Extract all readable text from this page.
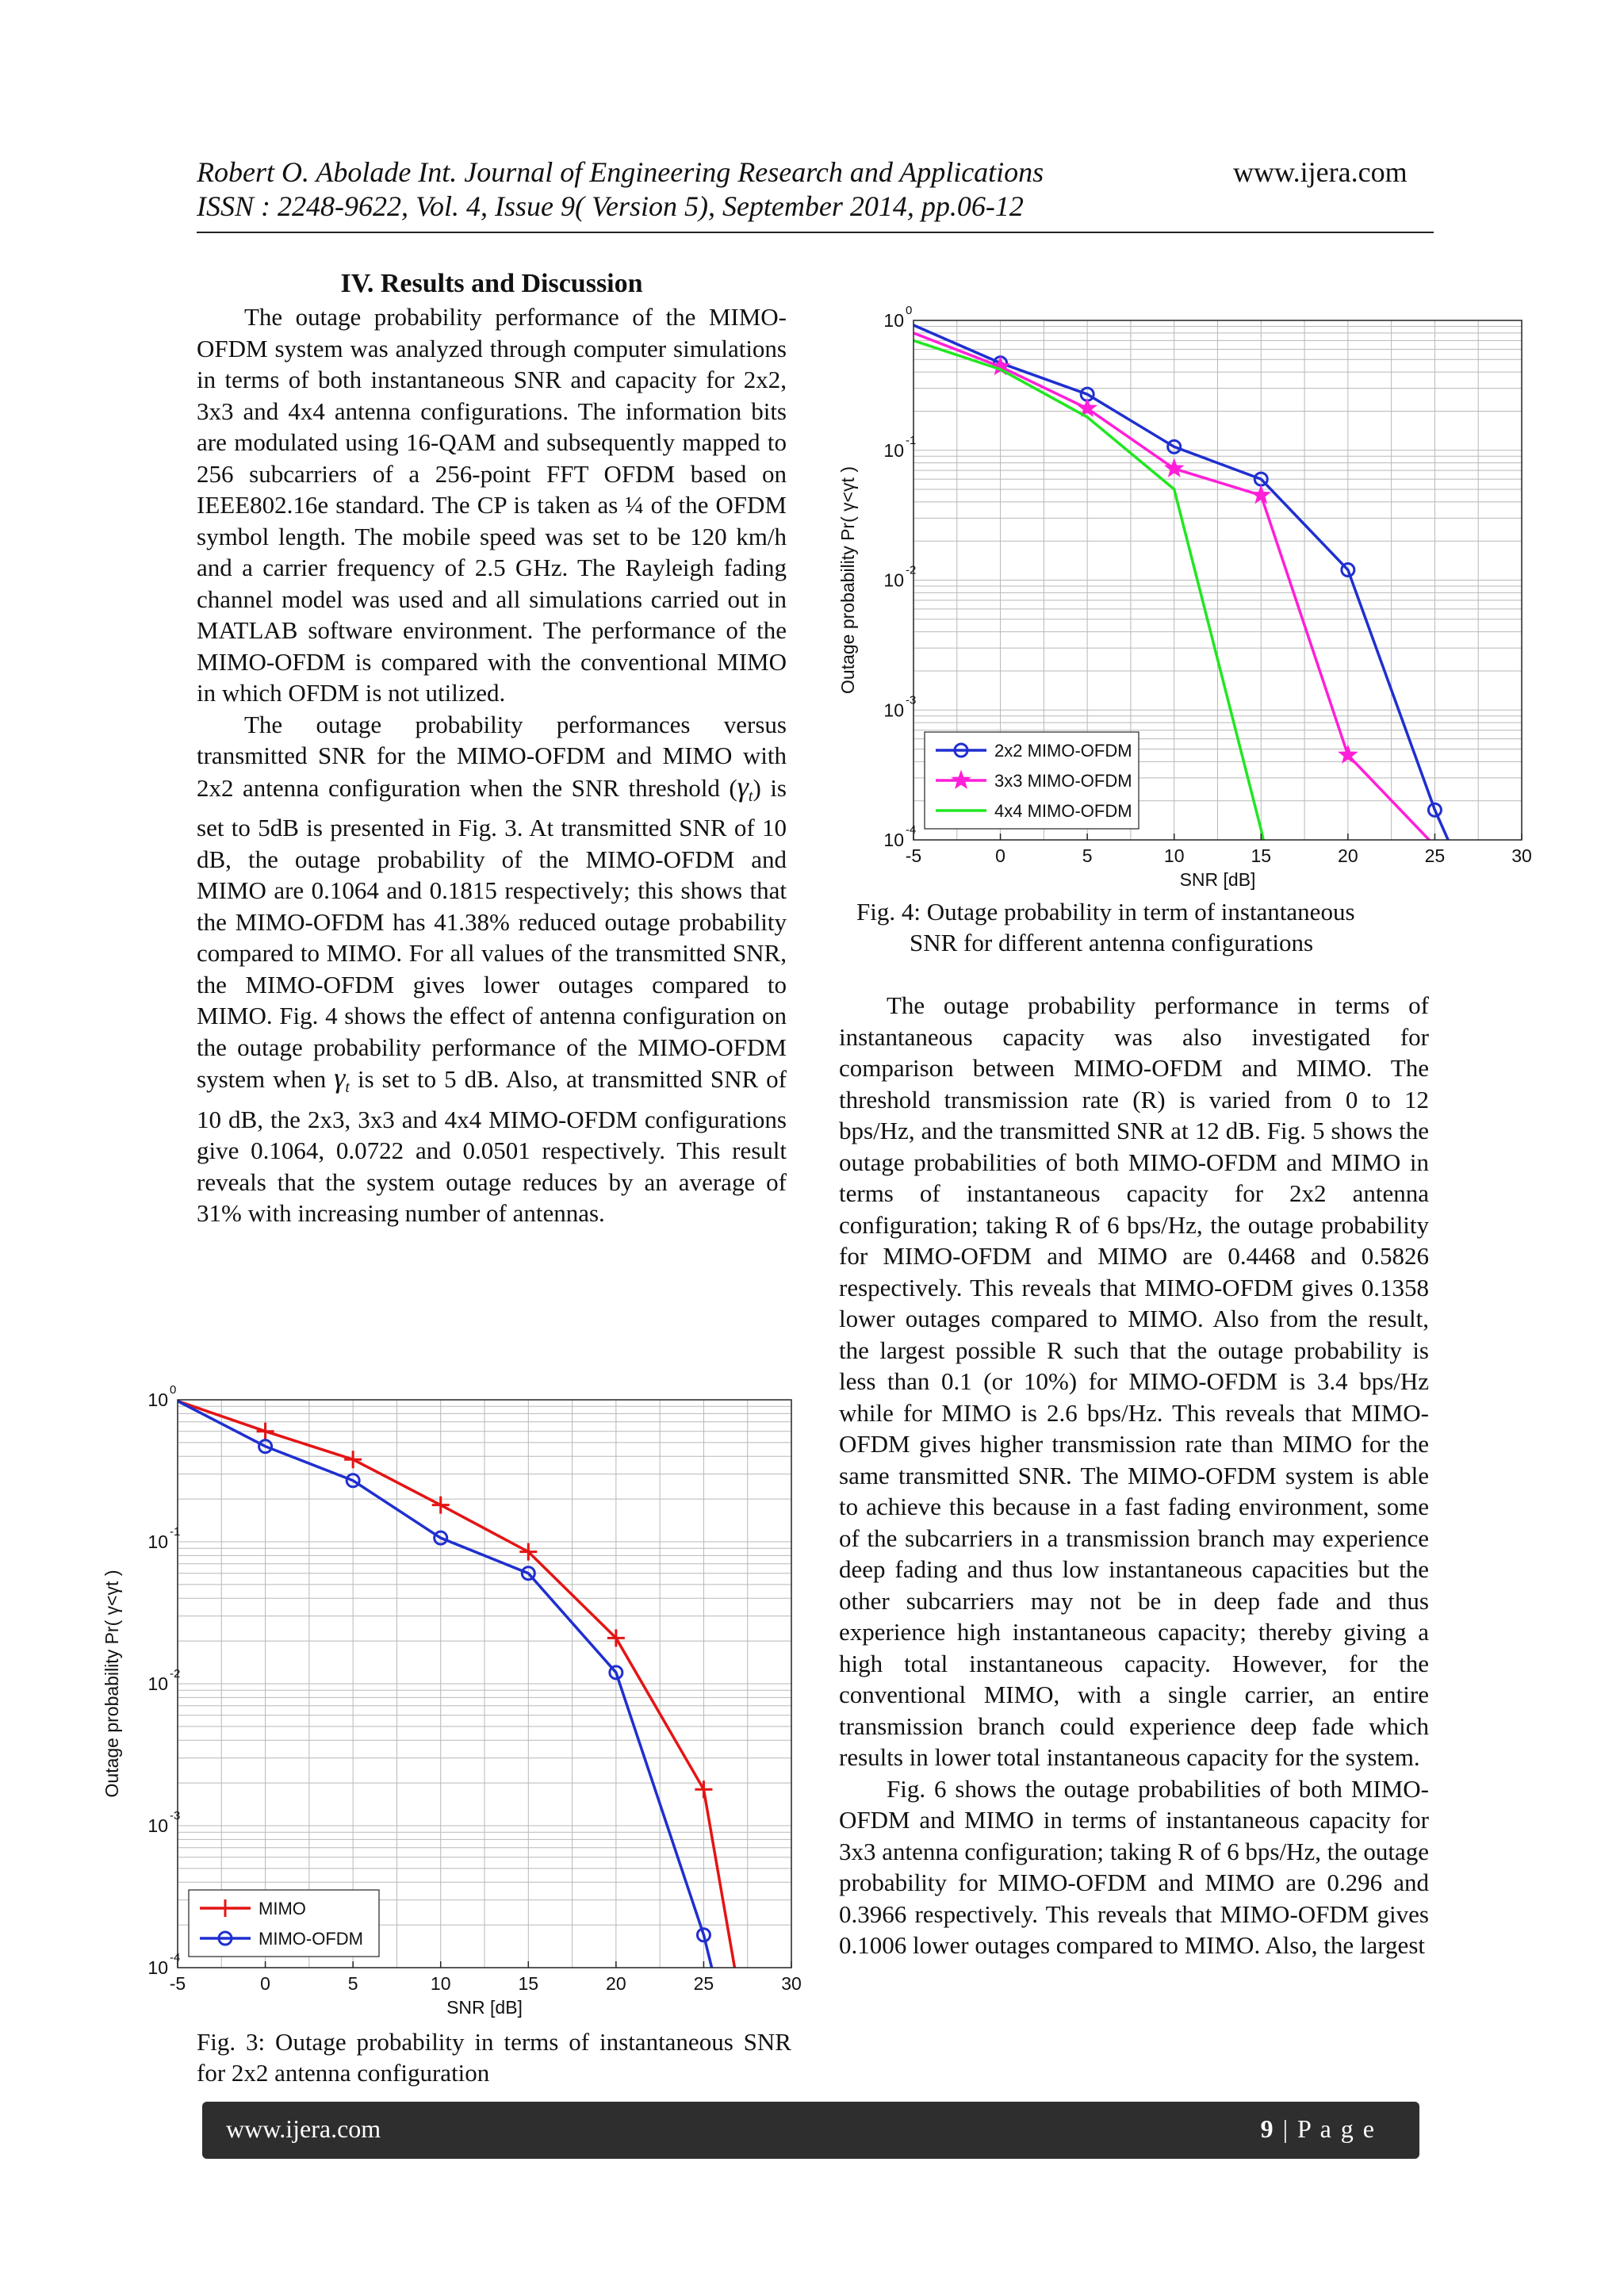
Robert O. Abolade Int. Journal of Engineering Research and Applications	www.ijera.com
ISSN : 2248-9622, Vol. 4, Issue 9( Version 5), September 2014, pp.06-12
IV. Results and Discussion

The outage probability performance of the MIMO-OFDM system was analyzed through computer simulations in terms of both instantaneous SNR and capacity for 2x2, 3x3 and 4x4 antenna configurations. The information bits are modulated using 16-QAM and subsequently mapped to 256 subcarriers of a 256-point FFT OFDM based on IEEE802.16e standard. The CP is taken as ¼ of the OFDM symbol length. The mobile speed was set to be 120 km/h and a carrier frequency of 2.5 GHz. The Rayleigh fading channel model was used and all simulations carried out in MATLAB software environment. The performance of the MIMO-OFDM is compared with the conventional MIMO in which OFDM is not utilized.

The outage probability performances versus transmitted SNR for the MIMO-OFDM and MIMO with 2x2 antenna configuration when the SNR threshold (γt) is set to 5dB is presented in Fig. 3. At transmitted SNR of 10 dB, the outage probability of the MIMO-OFDM and MIMO are 0.1064 and 0.1815 respectively; this shows that the MIMO-OFDM has 41.38% reduced outage probability compared to MIMO. For all values of the transmitted SNR, the MIMO-OFDM gives lower outages compared to MIMO. Fig. 4 shows the effect of antenna configuration on the outage probability performance of the MIMO-OFDM system when γt is set to 5 dB. Also, at transmitted SNR of 10 dB, the 2x3, 3x3 and 4x4 MIMO-OFDM configurations give 0.1064, 0.0722 and 0.0501 respectively. This result reveals that the system outage reduces by an average of 31% with increasing number of antennas.

The outage probability performance in terms of instantaneous capacity was also investigated for comparison between MIMO-OFDM and MIMO. The threshold transmission rate (R) is varied from 0 to 12 bps/Hz, and the transmitted SNR at 12 dB. Fig. 5 shows the outage probabilities of both MIMO-OFDM and MIMO in terms of instantaneous capacity for 2x2 antenna configuration; taking R of 6 bps/Hz, the outage probability for MIMO-OFDM and MIMO are 0.4468 and 0.5826 respectively. This reveals that MIMO-OFDM gives 0.1358 lower outages compared to MIMO. Also from the result, the largest possible R such that the outage probability is less than 0.1 (or 10%) for MIMO-OFDM is 3.4 bps/Hz while for MIMO is 2.6 bps/Hz. This reveals that MIMO-OFDM gives higher transmission rate than MIMO for the same transmitted SNR. The MIMO-OFDM system is able to achieve this because in a fast fading environment, some of the subcarriers in a transmission branch may experience deep fading and thus low instantaneous capacities but the other subcarriers may not be in deep fade and thus experience high instantaneous capacity; thereby giving a high total instantaneous capacity. However, for the conventional MIMO, with a single carrier, an entire transmission branch could experience deep fade which results in lower total instantaneous capacity for the system.

Fig. 6 shows the outage probabilities of both MIMO-OFDM and MIMO in terms of instantaneous capacity for 3x3 antenna configuration; taking R of 6 bps/Hz, the outage probability for MIMO-OFDM and MIMO are 0.296 and 0.3966 respectively. This reveals that MIMO-OFDM gives 0.1006 lower outages compared to MIMO. Also, the largest

-5	0	5	10	15	20	25	30
10 0
10 -1
10 -2
10 -3
10 -4
SNR [dB]
Outage probability Pr( γ<γt )
2x2 MIMO-OFDM
3x3 MIMO-OFDM
4x4 MIMO-OFDM
Fig. 4: Outage probability in term of instantaneous
SNR for different antenna configurations
-5	0	5	10	15	20	25	30
10 0
10 -1
10 -2
10 -3
10 -4
SNR [dB]
Outage probability Pr( γ<γt )
MIMO
MIMO-OFDM
Fig. 3: Outage probability in terms of instantaneous SNR for 2x2 antenna configuration
www.ijera.com	9 | P a g e
